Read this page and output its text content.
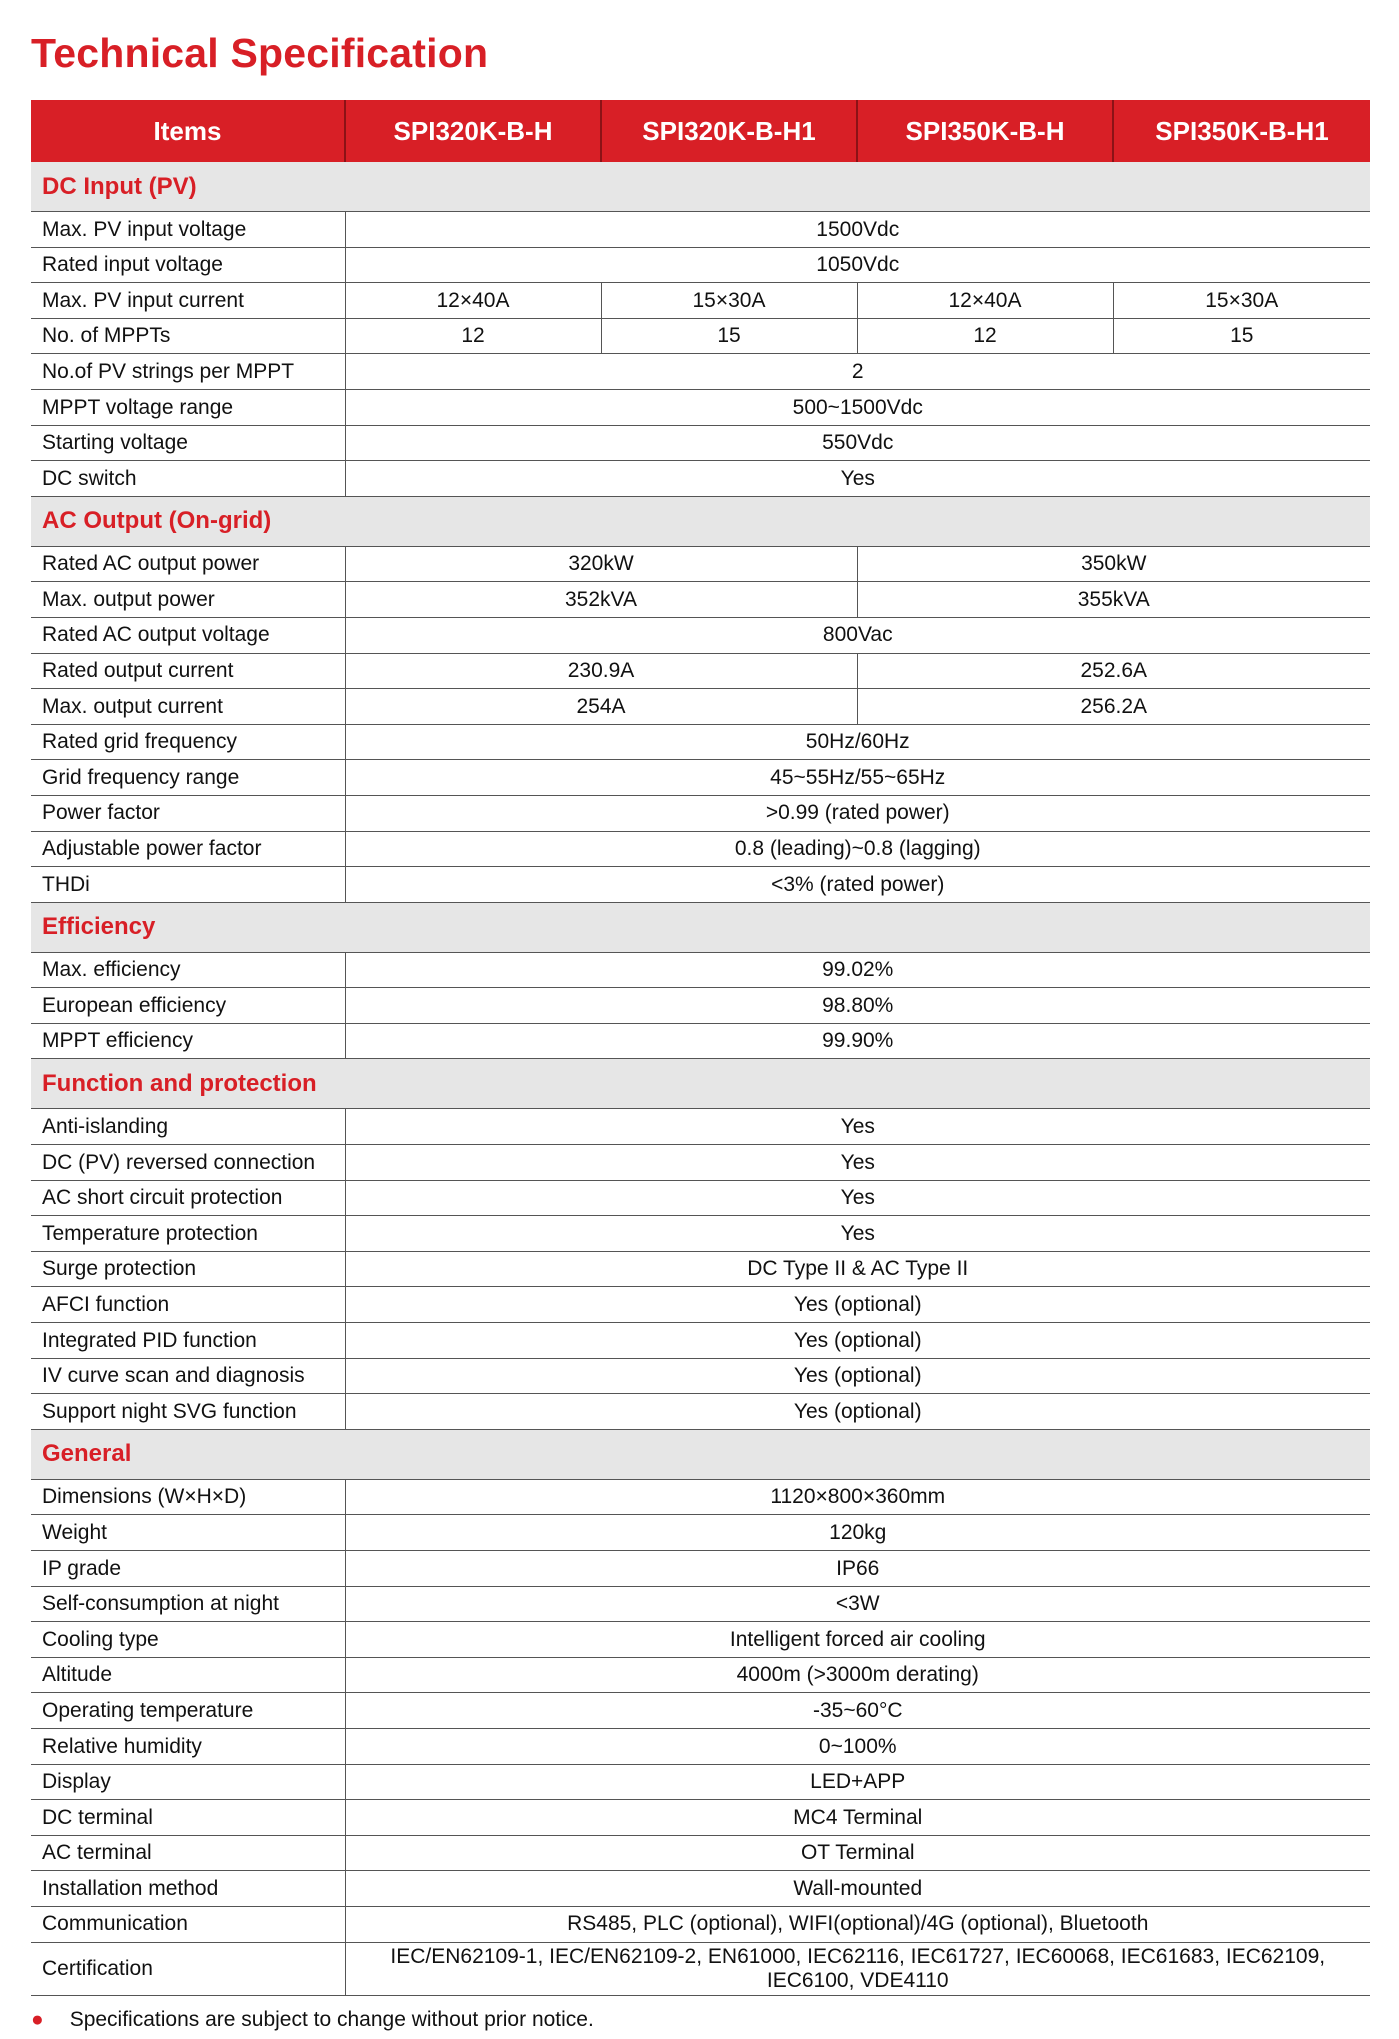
Technical Specification
Items	SPI320K-B-H	SPI320K-B-H1	SPI350K-B-H	SPI350K-B-H1
DC Input (PV)				
Max. PV input voltage	1500Vdc			
Rated input voltage	1050Vdc			
Max. PV input current	12×40A	15×30A	12×40A	15×30A
No. of MPPTs	12	15	12	15
No.of PV strings per MPPT	2			
MPPT voltage range	500~1500Vdc			
Starting voltage	550Vdc			
DC switch	Yes			
AC Output (On-grid)				
Rated AC output power	320kW		350kW	
Max. output power	352kVA		355kVA	
Rated AC output voltage	800Vac			
Rated output current	230.9A		252.6A	
Max. output current	254A		256.2A	
Rated grid frequency	50Hz/60Hz			
Grid frequency range	45~55Hz/55~65Hz			
Power factor	>0.99 (rated power)			
Adjustable power factor	0.8 (leading)~0.8 (lagging)			
THDi	<3% (rated power)			
Efficiency				
Max. efficiency	99.02%			
European efficiency	98.80%			
MPPT efficiency	99.90%			
Function and protection				
Anti-islanding	Yes			
DC (PV) reversed connection	Yes			
AC short circuit protection	Yes			
Temperature protection	Yes			
Surge protection	DC Type II & AC Type II			
AFCI function	Yes (optional)			
Integrated PID function	Yes (optional)			
IV curve scan and diagnosis	Yes (optional)			
Support night SVG function	Yes (optional)			
General				
Dimensions (W×H×D)	1120×800×360mm			
Weight	120kg			
IP grade	IP66			
Self-consumption at night	<3W			
Cooling type	Intelligent forced air cooling			
Altitude	4000m (>3000m derating)			
Operating temperature	-35~60°C			
Relative humidity	0~100%			
Display	LED+APP			
DC terminal	MC4 Terminal			
AC terminal	OT Terminal			
Installation method	Wall-mounted			
Communication	RS485, PLC (optional), WIFI(optional)/4G (optional), Bluetooth			
Certification	IEC/EN62109-1, IEC/EN62109-2, EN61000, IEC62116, IEC61727, IEC60068, IEC61683, IEC62109, IEC6100, VDE4110			
● Specifications are subject to change without prior notice.
